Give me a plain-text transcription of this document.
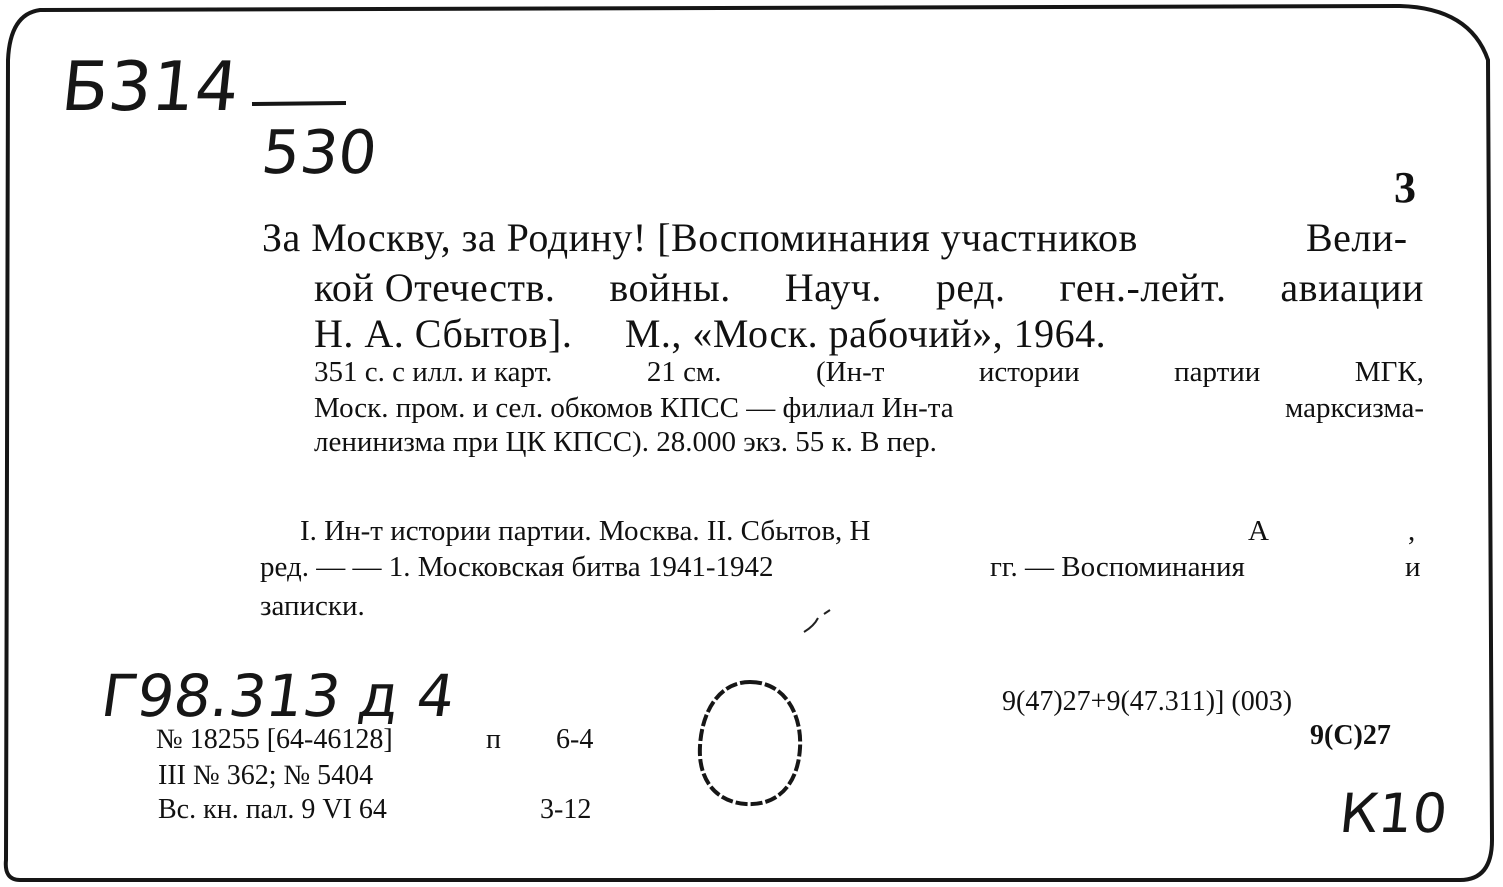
Б314
530	3
За Москву, за Родину! [Воспоминания участников	Вели-
кой Отечеств. войны. Науч. ред. ген.-лейт. авиации
Н. А. Сбытов].     М., «Моск. рабочий», 1964.
351 с. с илл. и карт.	21 см.	(Ин-т	истории	партии	МГК,
Моск. пром. и сел. обкомов КПСС — филиал Ин-та	марксизма-
ленинизма при ЦК КПСС). 28.000 экз. 55 к. В пер.
I. Ин-т истории партии. Москва. II. Сбытов, Н	А	,
ред. — — 1. Московская битва 1941-1942	гг. — Воспоминания	и
записки.
Г98.313 д 4
№ 18255 [64-46128]	п 6-4
III № 362; № 5404
Вс. кн. пал. 9 VI 64	3-12
9(47)27+9(47.311)] (003)
9(С)27
К10
